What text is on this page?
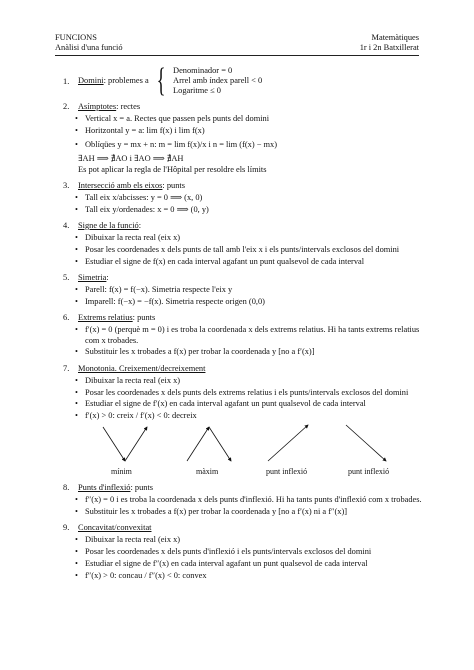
FUNCIONS	Matemàtiques
Anàlisi d'una funció	1r i 2n Batxillerat
1. Domini: problemes a { Denominador = 0
Arrel amb índex parell < 0
Logaritme ≤ 0
2. Asímptotes: rectes
• Vertical x = a. Rectes que passen pels punts del domini
• Horitzontal y = a: lim f(x) i lim f(x)
• Oblíqües y = mx + n: m = lim f(x)/x i n = lim (f(x) − mx)
∃AH ⟹ ∄AO i ∃AO ⟹ ∄AH
Es pot aplicar la regla de l'Hôpital per resoldre els límits
3. Intersecció amb els eixos: punts
• Tall eix x/abcisses: y = 0 ⟹ (x, 0)
• Tall eix y/ordenades: x = 0 ⟹ (0, y)
4. Signe de la funció:
• Dibuixar la recta real (eix x)
• Posar les coordenades x dels punts de tall amb l'eix x i els punts/intervals exclosos del domini
• Estudiar el signe de f(x) en cada interval agafant un punt qualsevol de cada interval
5. Simetria:
• Parell: f(x) = f(−x). Simetria respecte l'eix y
• Imparell: f(−x) = −f(x). Simetria respecte origen (0,0)
6. Extrems relatius: punts
• f′(x) = 0 (perquè m = 0) i es troba la coordenada x dels extrems relatius. Hi ha tants extrems relatius com x trobades.
• Substituir les x trobades a f(x) per trobar la coordenada y [no a f′(x)]
7. Monotonia. Creixement/decreixement
• Dibuixar la recta real (eix x)
• Posar les coordenades x dels punts dels extrems relatius i els punts/intervals exclosos del domini
• Estudiar el signe de f′(x) en cada interval agafant un punt qualsevol de cada interval
• f′(x) > 0: creix / f′(x) < 0: decreix
mínim	màxim	punt inflexió	punt inflexió
8. Punts d'inflexió: punts
• f″(x) = 0 i es troba la coordenada x dels punts d'inflexió. Hi ha tants punts d'inflexió com x trobades.
• Substituir les x trobades a f(x) per trobar la coordenada y [no a f′(x) ni a f″(x)]
9. Concavitat/convexitat
• Dibuixar la recta real (eix x)
• Posar les coordenades x dels punts d'inflexió i els punts/intervals exclosos del domini
• Estudiar el signe de f″(x) en cada interval agafant un punt qualsevol de cada interval
• f″(x) > 0: concau / f″(x) < 0: convex
